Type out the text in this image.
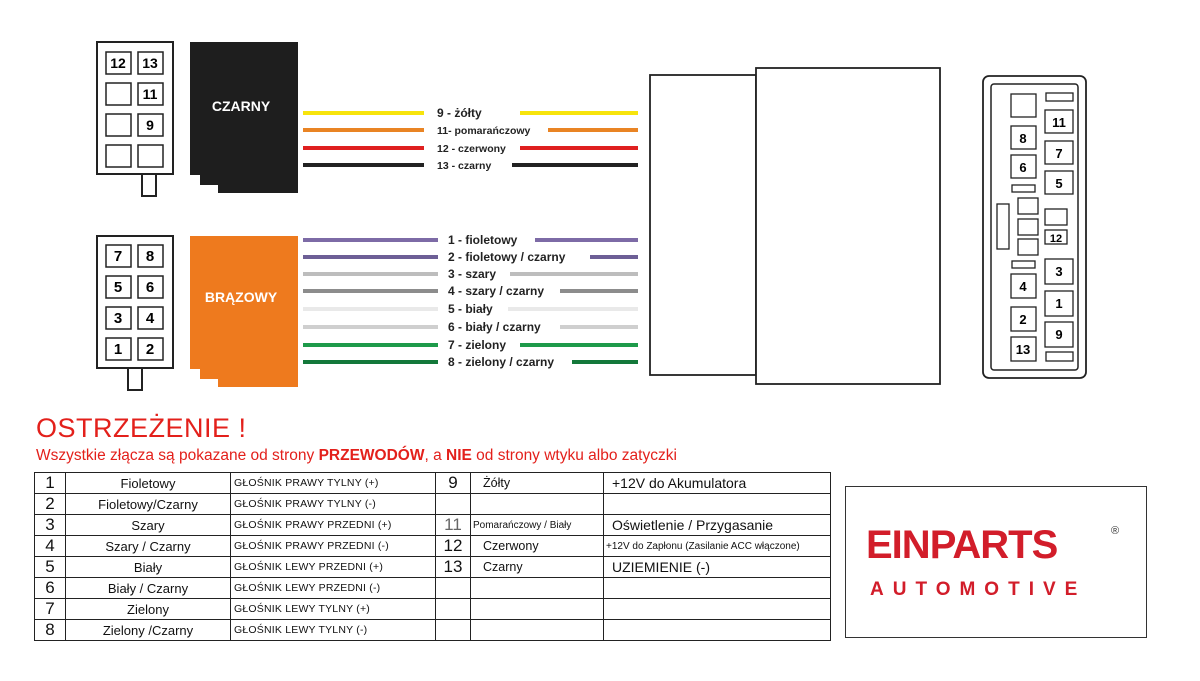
12 13
11
9
CZARNY
7 8
5 6
3 4
1 2
BRĄZOWY
9 - żółty
11- pomarańczowy
12 - czerwony
13 - czarny
1 - fioletowy
2 - fioletowy / czarny
3 - szary
4 - szary / czarny
5 - biały
6 - biały / czarny
7 - zielony
8 - zielony / czarny
8
6
4
2
13
11
7
5
12
3
1
9
OSTRZEŻENIE !
Wszystkie złącza są pokazane od strony PRZEWODÓW, a NIE od strony wtyku albo zatyczki
1	Fioletowy	GŁOŚNIK PRAWY TYLNY (+)	9	Żółty	+12V do Akumulatora
2	Fioletowy/Czarny	GŁOŚNIK PRAWY TYLNY (-)			
3	Szary	GŁOŚNIK PRAWY PRZEDNI (+)	11	Pomarańczowy / Biały	Oświetlenie / Przygasanie
4	Szary / Czarny	GŁOŚNIK PRAWY PRZEDNI (-)	12	Czerwony	+12V do Zapłonu (Zasilanie ACC włączone)
5	Biały	GŁOŚNIK LEWY PRZEDNI (+)	13	Czarny	UZIEMIENIE (-)
6	Biały / Czarny	GŁOŚNIK LEWY PRZEDNI (-)			
7	Zielony	GŁOŚNIK LEWY TYLNY (+)			
8	Zielony /Czarny	GŁOŚNIK LEWY TYLNY (-)			
EINPARTS	®
AUTOMOTIVE
